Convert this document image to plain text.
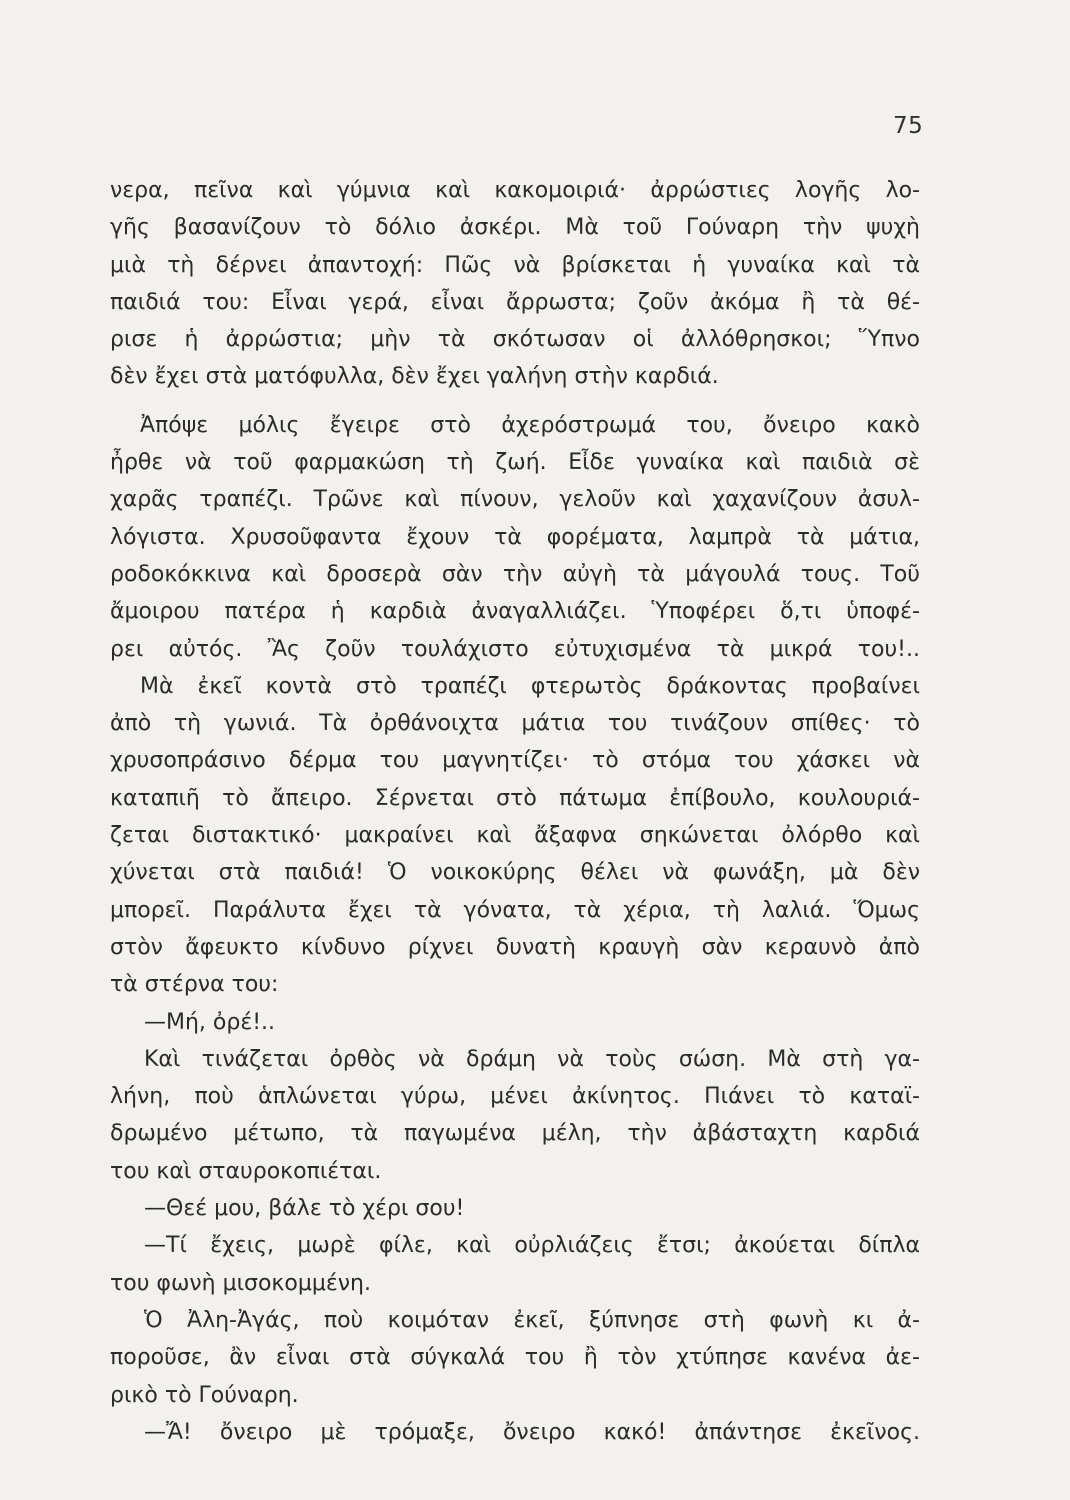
75
νερα, πεῖνα καὶ γύμνια καὶ κακομοιριά· ἀρρώστιες λογῆς λο-
γῆς βασανίζουν τὸ δόλιο ἀσκέρι. Μὰ τοῦ Γούναρη τὴν ψυχὴ
μιὰ τὴ δέρνει ἀπαντοχή: Πῶς νὰ βρίσκεται ἡ γυναίκα καὶ τὰ
παιδιά του: Εἶναι γερά, εἶναι ἄρρωστα; ζοῦν ἀκόμα ἢ τὰ θέ-
ρισε ἡ ἀρρώστια; μὴν τὰ σκότωσαν οἱ ἀλλόθρησκοι; Ὕπνο
δὲν ἔχει στὰ ματόφυλλα, δὲν ἔχει γαλήνη στὴν καρδιά.
Ἀπόψε μόλις ἔγειρε στὸ ἀχερόστρωμά του, ὄνειρο κακὸ
ἦρθε νὰ τοῦ φαρμακώση τὴ ζωή. Εἶδε γυναίκα καὶ παιδιὰ σὲ
χαρᾶς τραπέζι. Τρῶνε καὶ πίνουν, γελοῦν καὶ χαχανίζουν ἀσυλ-
λόγιστα. Χρυσοῦφαντα ἔχουν τὰ φορέματα, λαμπρὰ τὰ μάτια,
ροδοκόκκινα καὶ δροσερὰ σὰν τὴν αὐγὴ τὰ μάγουλά τους. Τοῦ
ἄμοιρου πατέρα ἡ καρδιὰ ἀναγαλλιάζει. Ὑποφέρει ὅ,τι ὑποφέ-
ρει αὐτός. Ἂς ζοῦν τουλάχιστο εὐτυχισμένα τὰ μικρά του!..
Μὰ ἐκεῖ κοντὰ στὸ τραπέζι φτερωτὸς δράκοντας προβαίνει
ἀπὸ τὴ γωνιά. Τὰ ὀρθάνοιχτα μάτια του τινάζουν σπίθες· τὸ
χρυσοπράσινο δέρμα του μαγνητίζει· τὸ στόμα του χάσκει νὰ
καταπιῆ τὸ ἄπειρο. Σέρνεται στὸ πάτωμα ἐπίβουλο, κουλουριά-
ζεται διστακτικό· μακραίνει καὶ ἄξαφνα σηκώνεται ὀλόρθο καὶ
χύνεται στὰ παιδιά! Ὁ νοικοκύρης θέλει νὰ φωνάξη, μὰ δὲν
μπορεῖ. Παράλυτα ἔχει τὰ γόνατα, τὰ χέρια, τὴ λαλιά. Ὅμως
στὸν ἄφευκτο κίνδυνο ρίχνει δυνατὴ κραυγὴ σὰν κεραυνὸ ἀπὸ
τὰ στέρνα του:
—Μή, ὀρέ!..
Καὶ τινάζεται ὀρθὸς νὰ δράμη νὰ τοὺς σώση. Μὰ στὴ γα-
λήνη, ποὺ ἁπλώνεται γύρω, μένει ἀκίνητος. Πιάνει τὸ καταϊ-
δρωμένο μέτωπο, τὰ παγωμένα μέλη, τὴν ἀβάσταχτη καρδιά
του καὶ σταυροκοπιέται.
—Θεέ μου, βάλε τὸ χέρι σου!
—Τί ἔχεις, μωρὲ φίλε, καὶ οὐρλιάζεις ἔτσι; ἀκούεται δίπλα
του φωνὴ μισοκομμένη.
Ὁ Ἀλη-Ἀγάς, ποὺ κοιμόταν ἐκεῖ, ξύπνησε στὴ φωνὴ κι ἀ-
πoρoῦσε, ἂν εἶναι στὰ σύγκαλά του ἢ τὸν χτύπησε κανένα ἀε-
ρικὸ τὸ Γούναρη.
—Ἄ! ὄνειρο μὲ τρόμαξε, ὄνειρο κακό! ἀπάντησε ἐκεῖνος.
